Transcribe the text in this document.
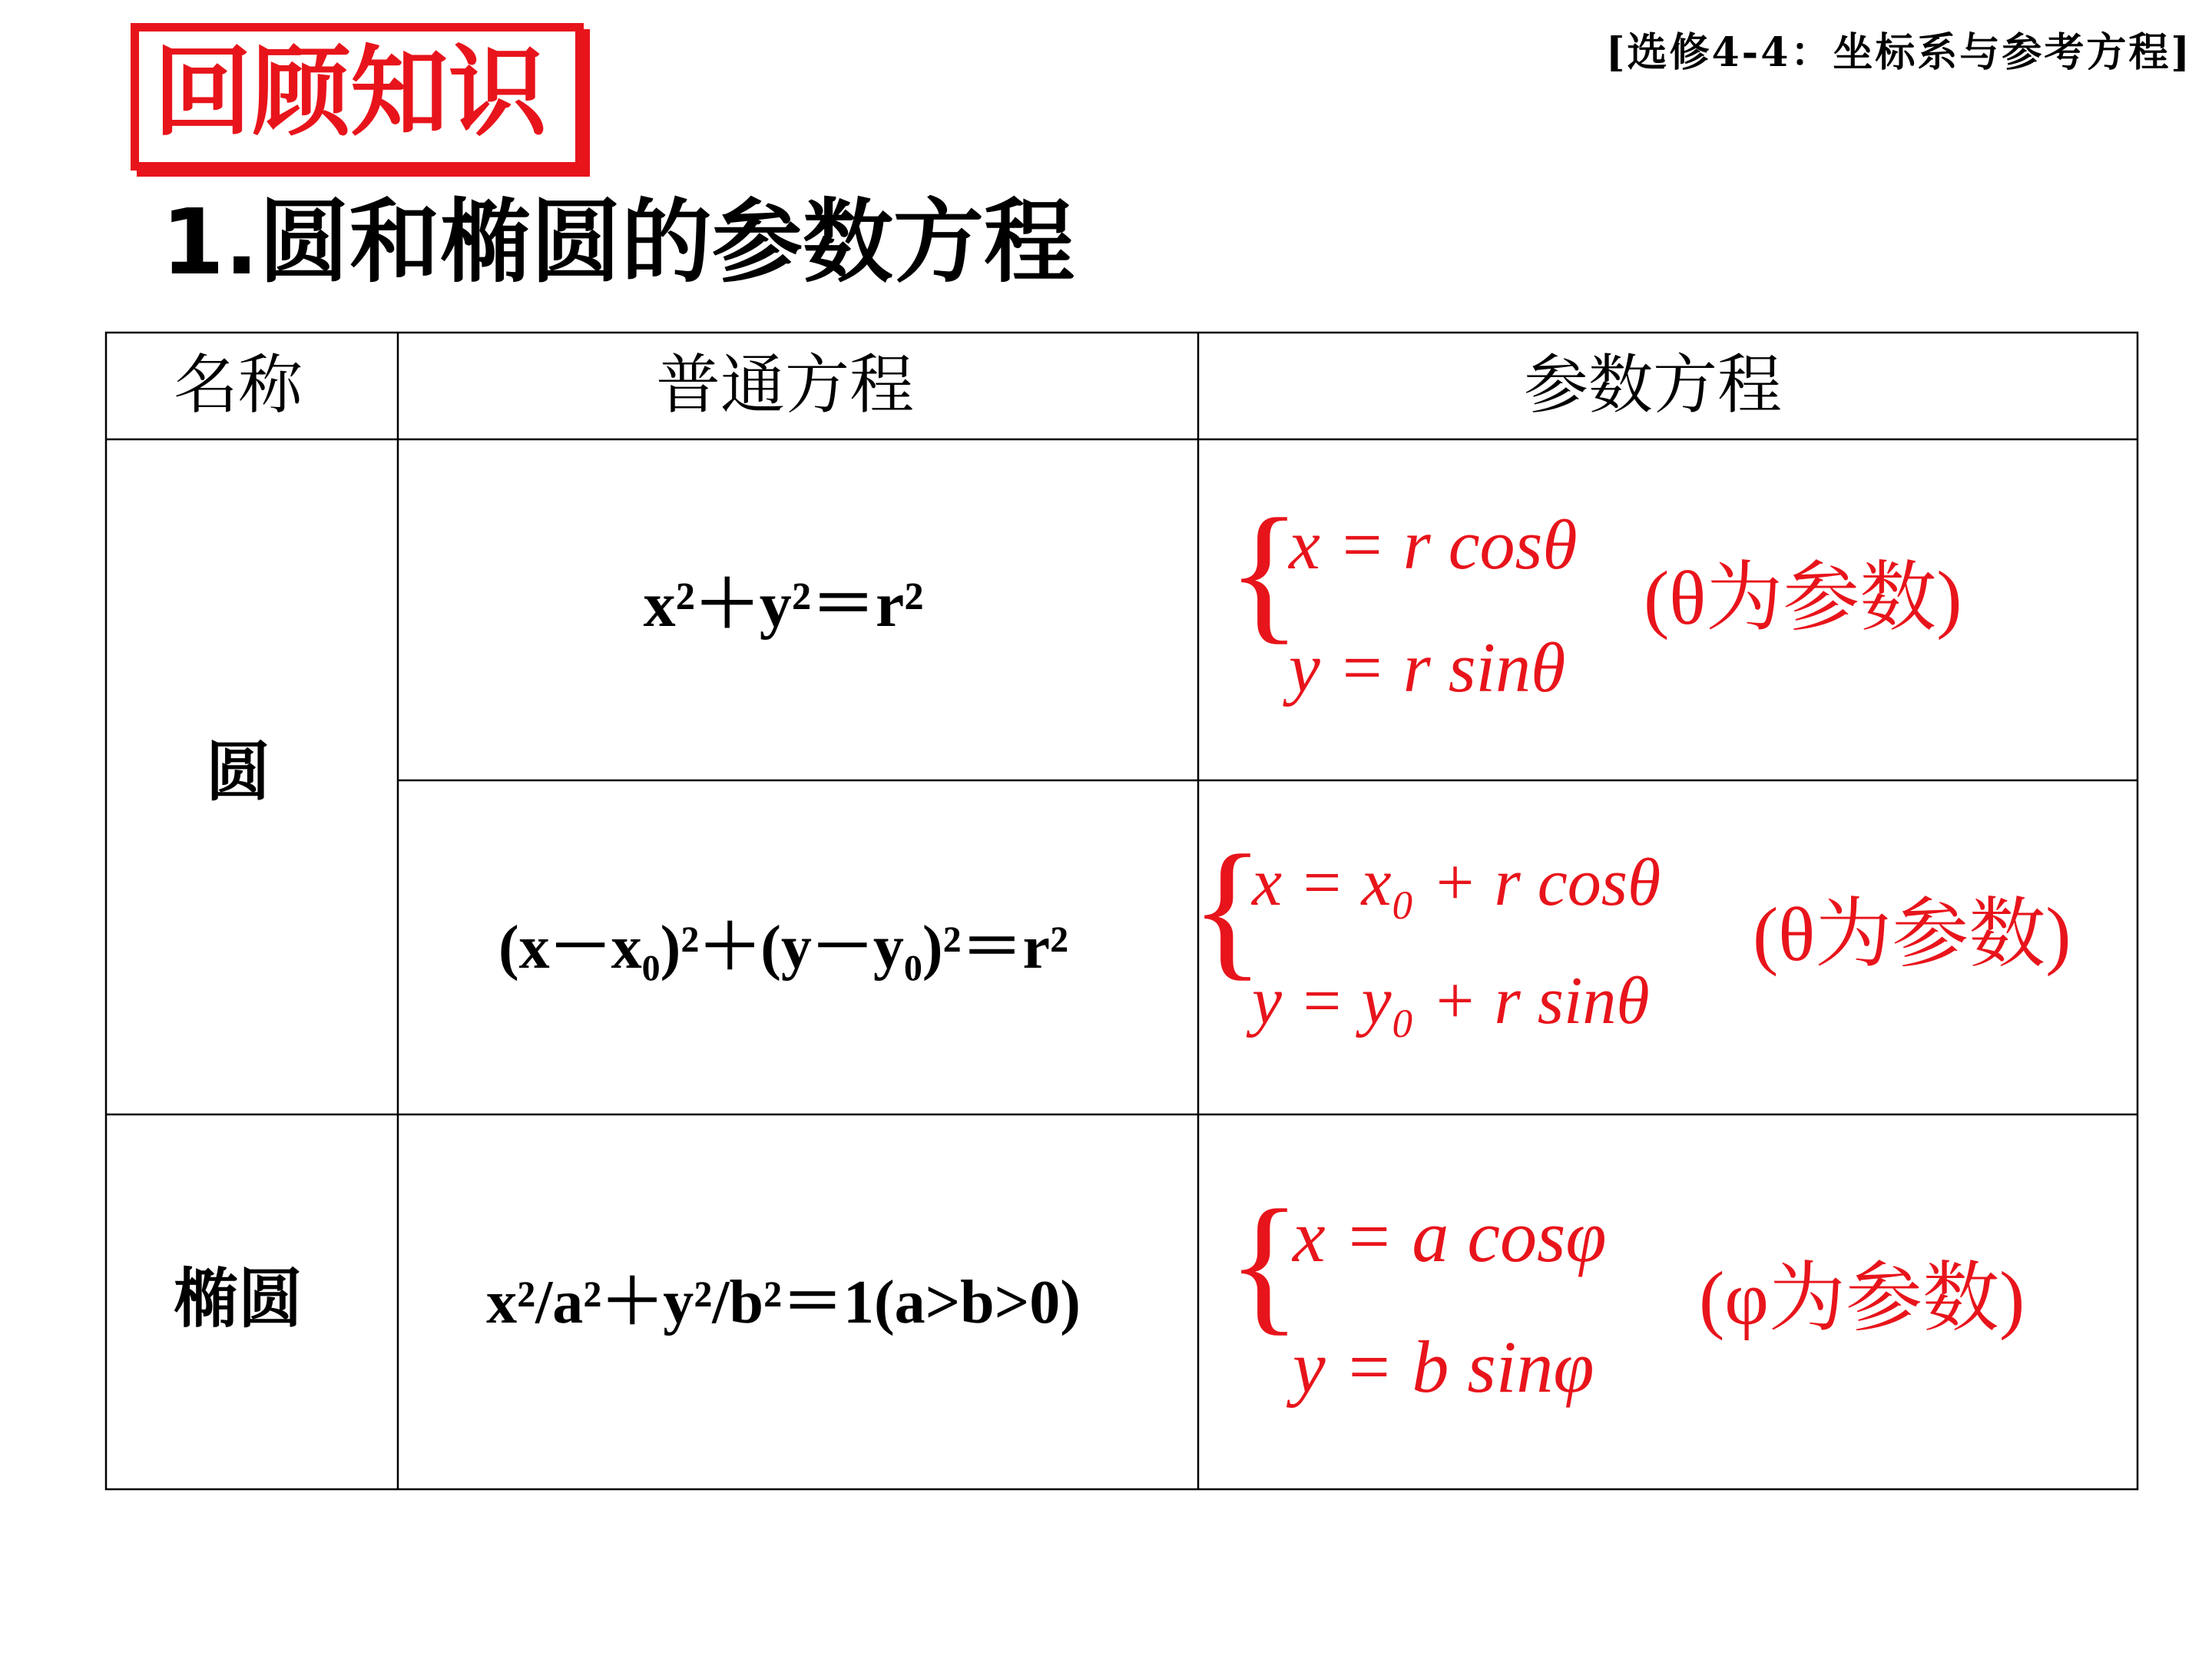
[选修4-4：坐标系与参考方程]
回顾知识
1.圆和椭圆的参数方程
名称	普通方程	参数方程
圆
椭圆
x²＋y²＝r²
(x－x₀)²＋(y－y₀)²＝r²
x²/a²＋y²/b²＝1(a>b>0)
{
x = r cosθ
y = r sinθ
(θ为参数)
{
x = x₀ + r cosθ
y = y₀ + r sinθ
(θ为参数)
{
x = a cosφ
y = b sinφ
(φ为参数)
